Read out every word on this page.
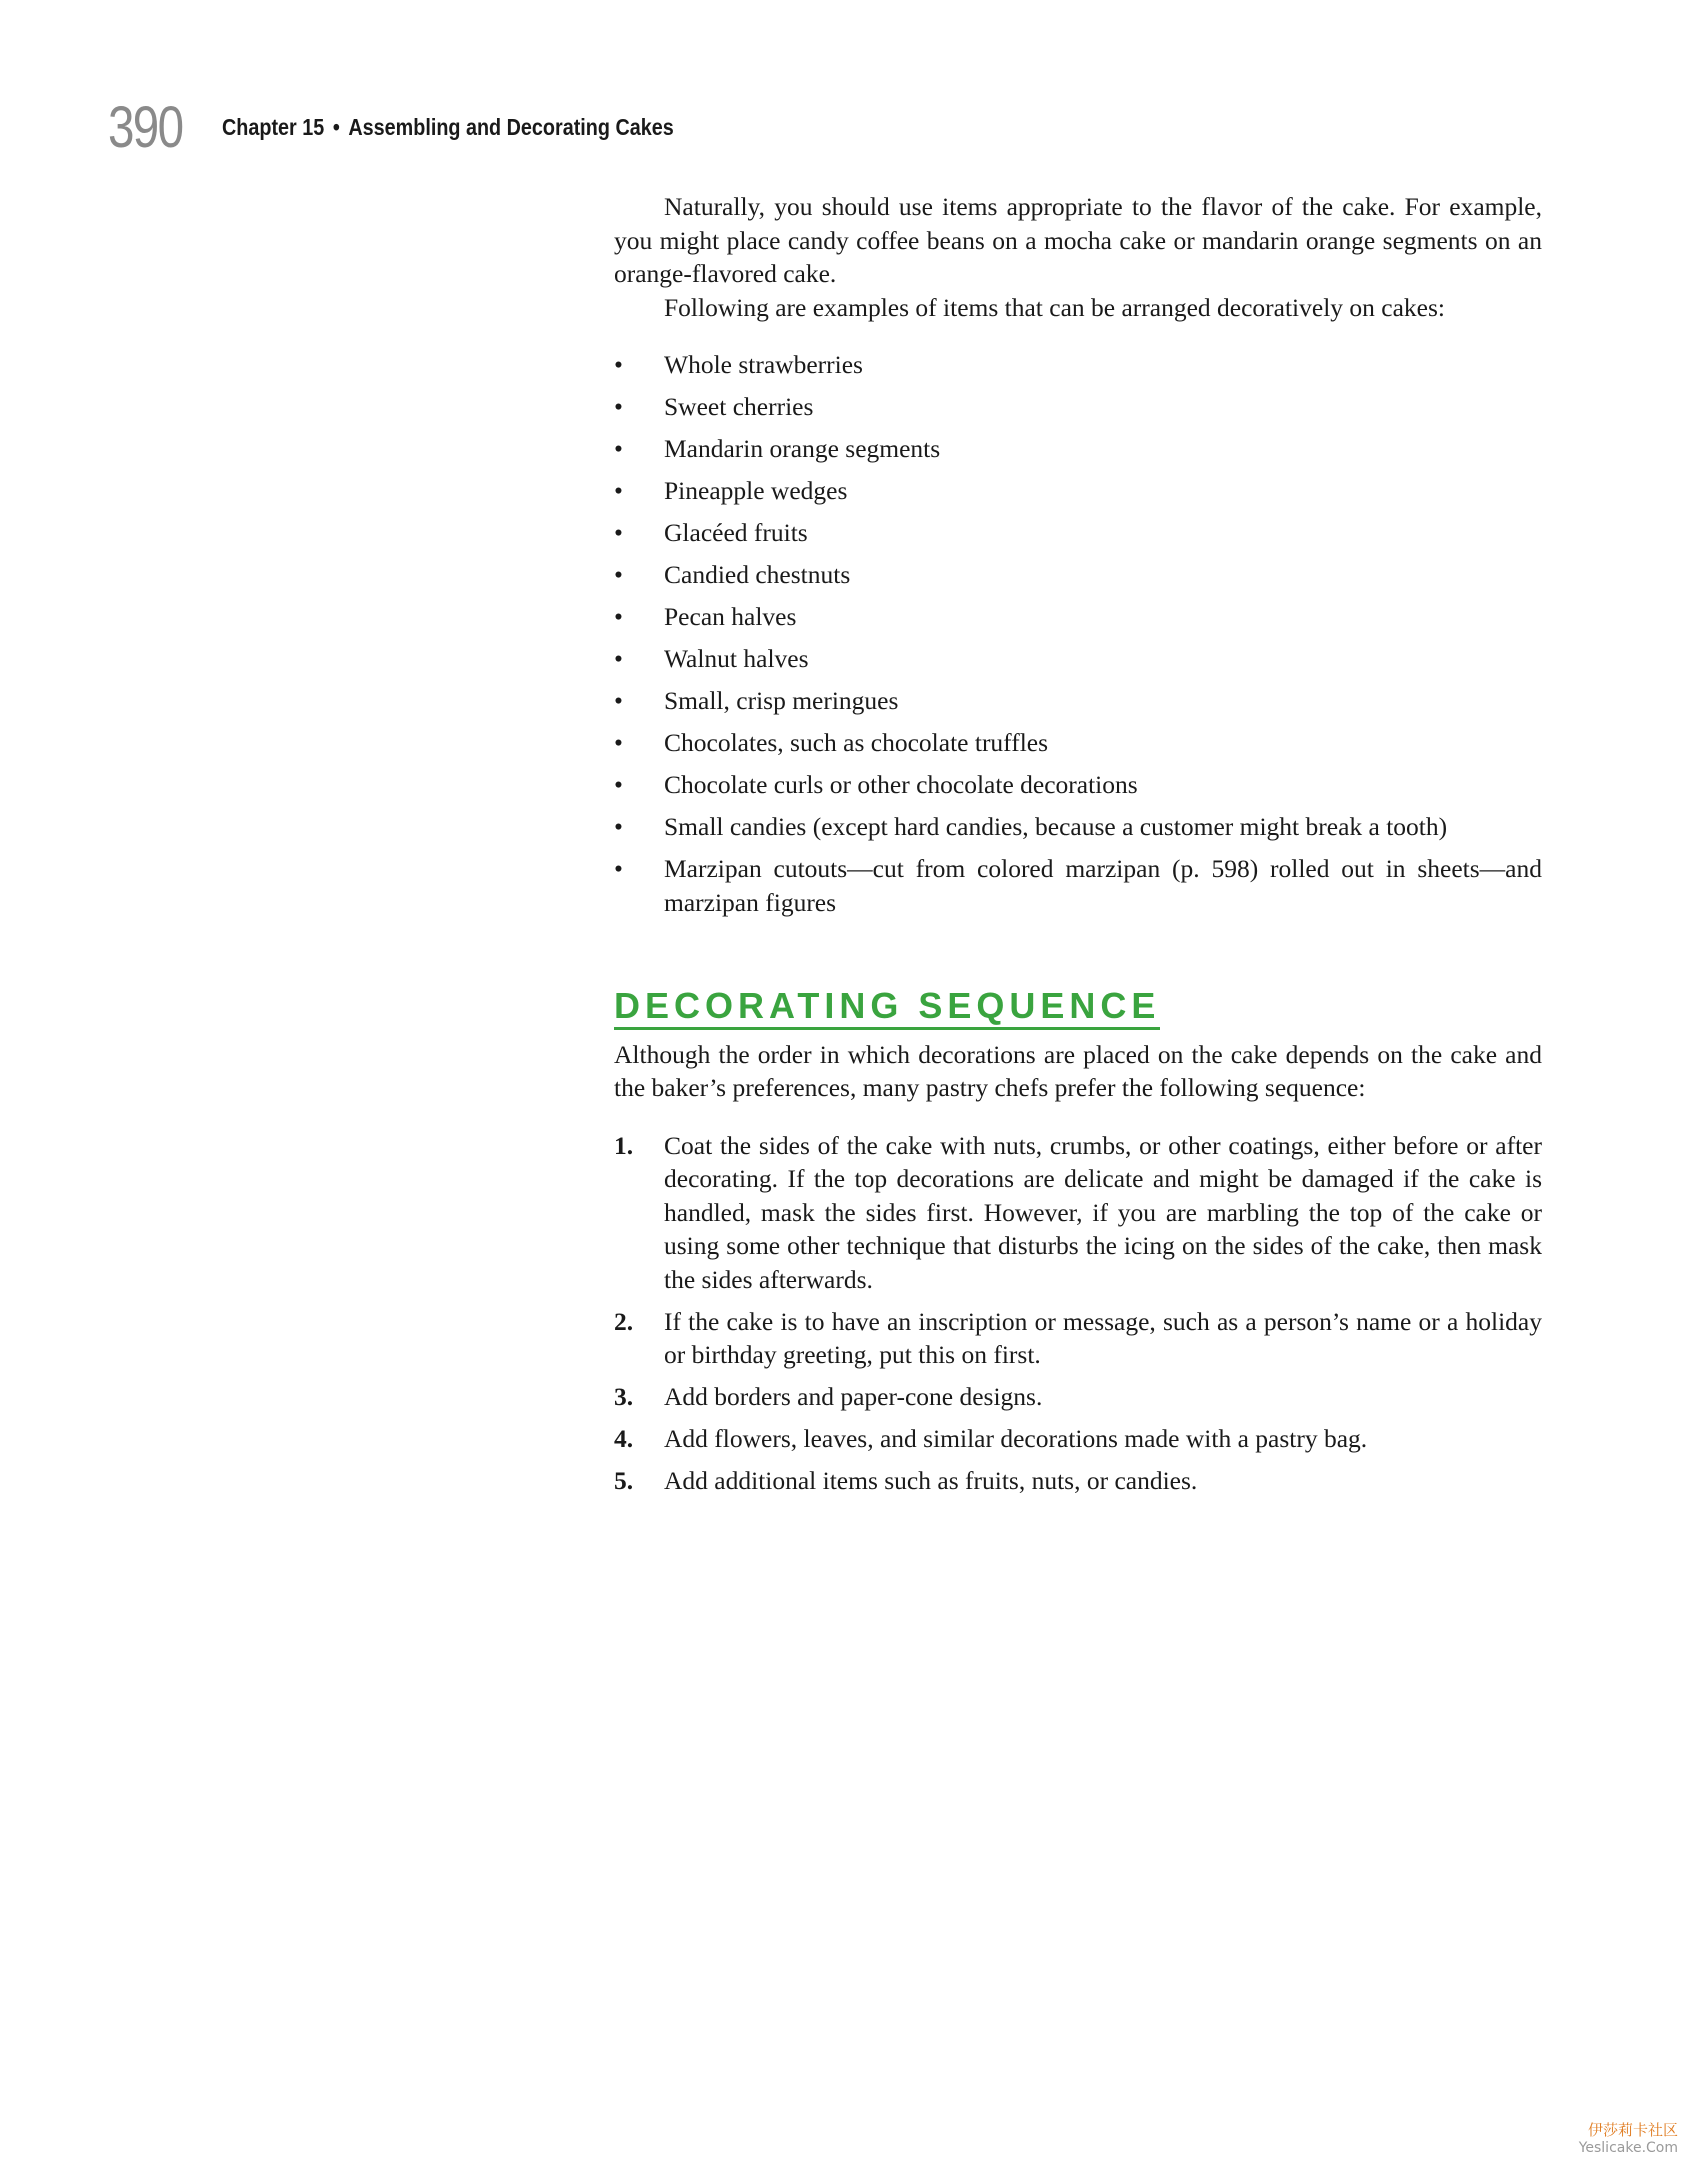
390	Chapter 15 • Assembling and Decorating Cakes

Naturally, you should use items appropriate to the flavor of the cake. For example, you might place candy coffee beans on a mocha cake or mandarin orange segments on an orange-flavored cake.

Following are examples of items that can be arranged decoratively on cakes:

• Whole strawberries
• Sweet cherries
• Mandarin orange segments
• Pineapple wedges
• Glacéed fruits
• Candied chestnuts
• Pecan halves
• Walnut halves
• Small, crisp meringues
• Chocolates, such as chocolate truffles
• Chocolate curls or other chocolate decorations
• Small candies (except hard candies, because a customer might break a tooth)
• Marzipan cutouts—cut from colored marzipan (p. 598) rolled out in sheets—and marzipan figures
DECORATING SEQUENCE

Although the order in which decorations are placed on the cake depends on the cake and the baker’s preferences, many pastry chefs prefer the following sequence:

1. Coat the sides of the cake with nuts, crumbs, or other coatings, either before or after decorating. If the top decorations are delicate and might be damaged if the cake is handled, mask the sides first. However, if you are marbling the top of the cake or using some other technique that disturbs the icing on the sides of the cake, then mask the sides afterwards.
2. If the cake is to have an inscription or message, such as a person’s name or a holiday or birthday greeting, put this on first.
3. Add borders and paper-cone designs.
4. Add flowers, leaves, and similar decorations made with a pastry bag.
5. Add additional items such as fruits, nuts, or candies.
伊莎莉卡社区
Yeslicake.Com
